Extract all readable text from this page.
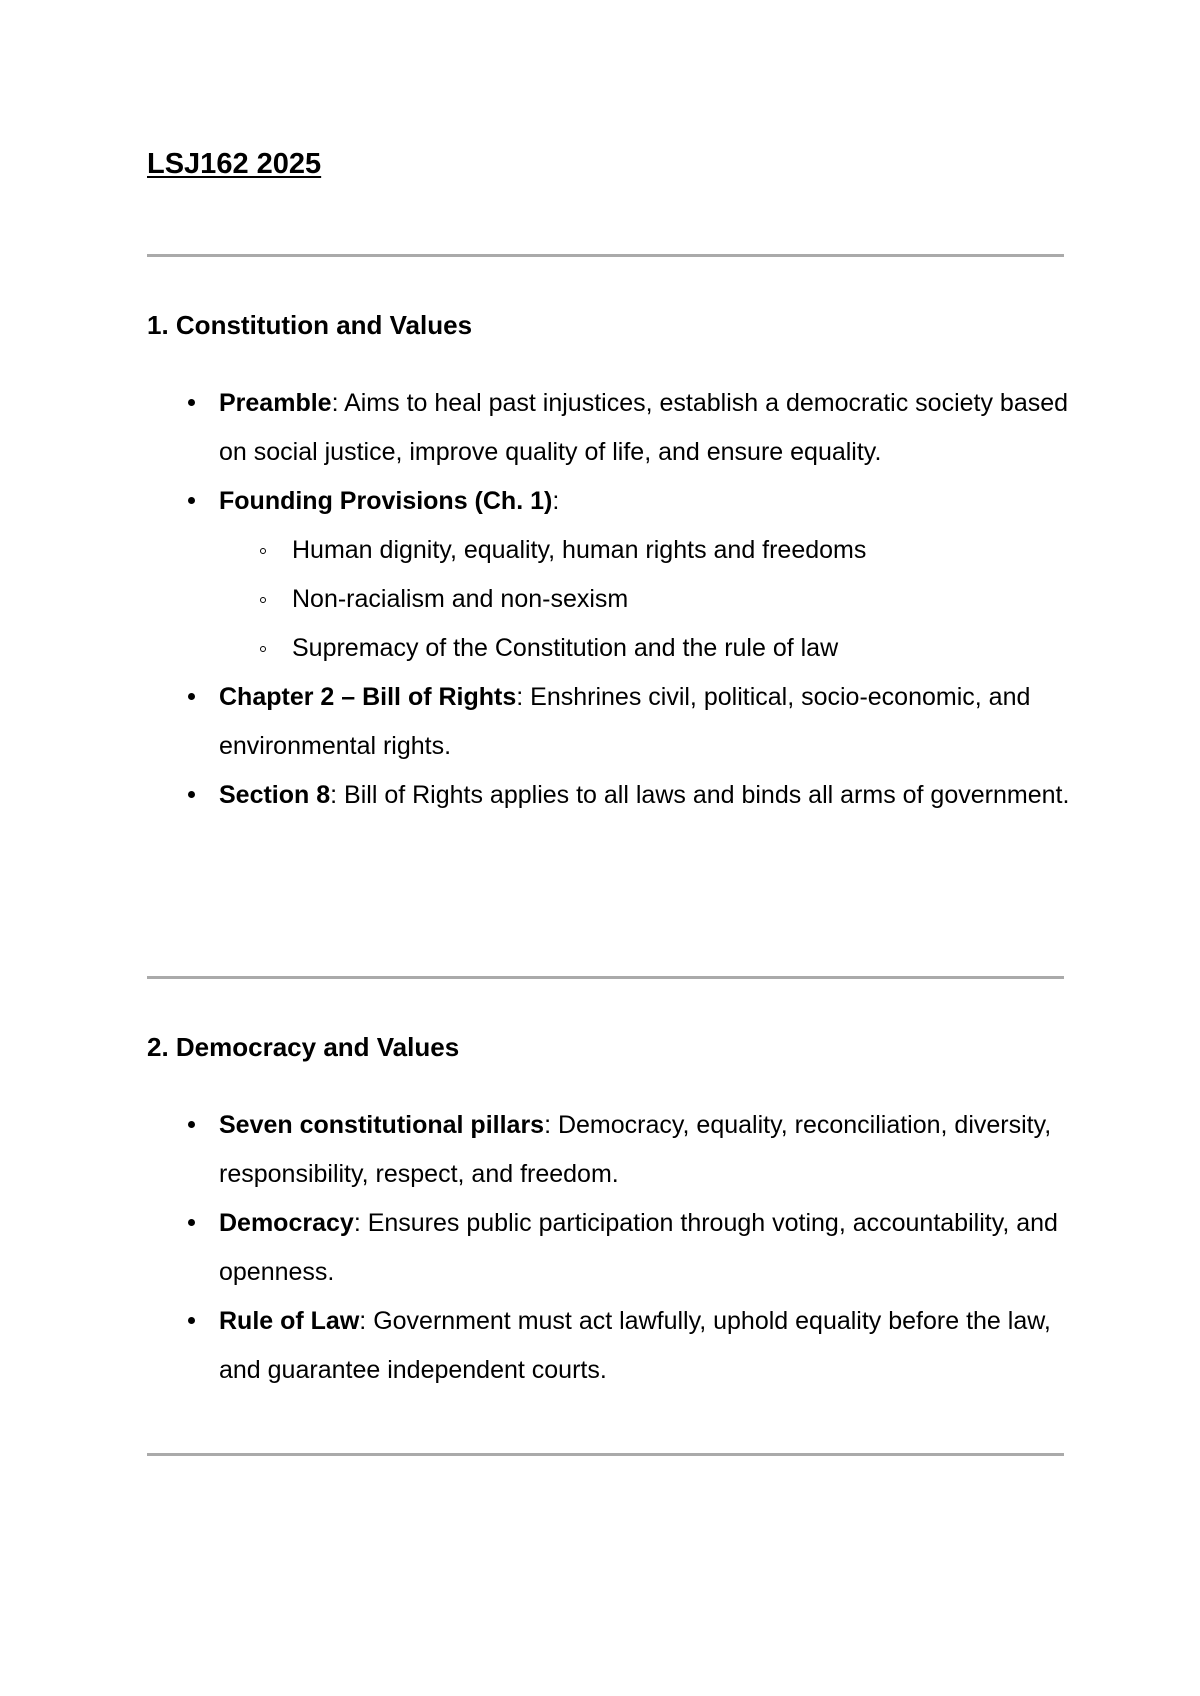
LSJ162 2025
1. Constitution and Values
Preamble: Aims to heal past injustices, establish a democratic society based on social justice, improve quality of life, and ensure equality.
Founding Provisions (Ch. 1):
Human dignity, equality, human rights and freedoms
Non-racialism and non-sexism
Supremacy of the Constitution and the rule of law
Chapter 2 – Bill of Rights: Enshrines civil, political, socio-economic, and environmental rights.
Section 8: Bill of Rights applies to all laws and binds all arms of government.
2. Democracy and Values
Seven constitutional pillars: Democracy, equality, reconciliation, diversity, responsibility, respect, and freedom.
Democracy: Ensures public participation through voting, accountability, and openness.
Rule of Law: Government must act lawfully, uphold equality before the law, and guarantee independent courts.
